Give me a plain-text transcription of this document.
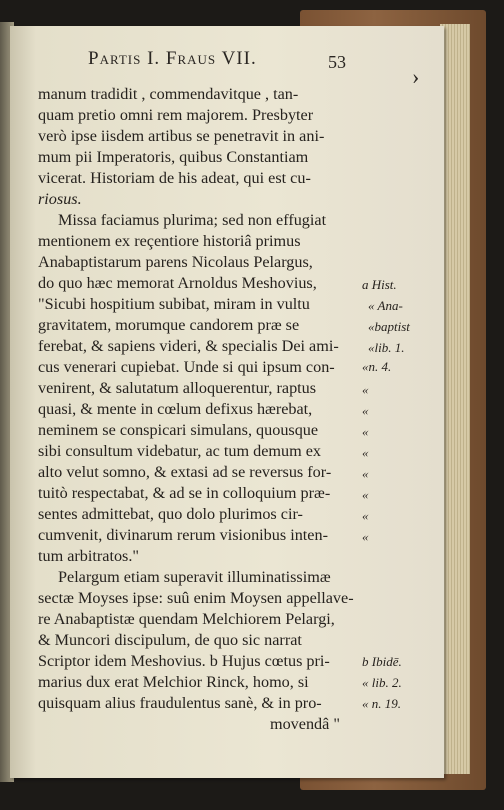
Partis I. Fraus VII.	53
›
manum tradidit , commendavitque , tan-
quam pretio omni rem majorem. Presbyter
verò ipse iisdem artibus se penetravit in ani-
mum pii Imperatoris, quibus Constantiam
vicerat. Historiam de his adeat, qui est cu-
riosus.
Missa faciamus plurima; sed non effugiat
mentionem ex reçentiore historiâ primus
Anabaptistarum parens Nicolaus Pelargus,
do quo hæc memorat Arnoldus Meshovius,
"Sicubi hospitium subibat, miram in vultu
gravitatem, morumque candorem præ se
ferebat, & sapiens videri, & specialis Dei ami-
cus venerari cupiebat. Unde si qui ipsum con-
venirent, & salutatum alloquerentur, raptus
quasi, & mente in cœlum defixus hærebat,
neminem se conspicari simulans, quousque
sibi consultum videbatur, ac tum demum ex
alto velut somno, & extasi ad se reversus for-
tuitò respectabat, & ad se in colloquium præ-
sentes admittebat, quo dolo plurimos cir-
cumvenit, divinarum rerum visionibus inten-
tum arbitratos."
Pelargum etiam superavit illuminatissimæ
sectæ Moyses ipse: suû enim Moysen appellave-
re Anabaptistæ quendam Melchiorem Pelargi,
& Muncori discipulum, de quo sic narrat
Scriptor idem Meshovius. b Hujus cœtus pri-
marius dux erat Melchior Rinck, homo, si
quisquam alius fraudulentus sanè, & in pro-
movendâ "
a Hist.
« Ana-
«baptist
«lib. 1.
«n. 4.
«
«
«
«
«
«
«
«
b Ibidē.
« lib. 2.
« n. 19.
